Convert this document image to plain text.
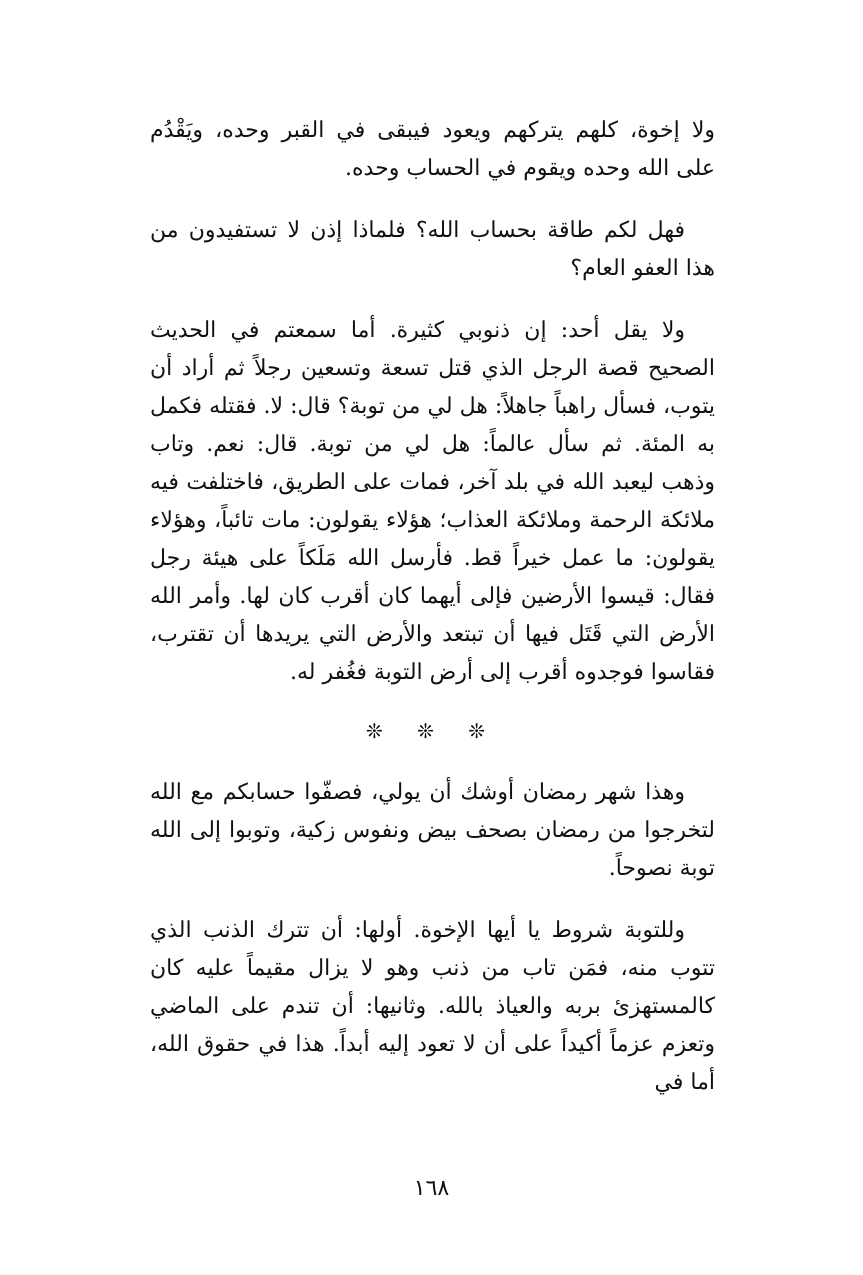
ولا إخوة، كلهم يتركهم ويعود فيبقى في القبر وحده، ويَقْدُم على الله وحده ويقوم في الحساب وحده.

فهل لكم طاقة بحساب الله؟ فلماذا إذن لا تستفيدون من هذا العفو العام؟

ولا يقل أحد: إن ذنوبي كثيرة. أما سمعتم في الحديث الصحيح قصة الرجل الذي قتل تسعة وتسعين رجلاً ثم أراد أن يتوب، فسأل راهباً جاهلاً: هل لي من توبة؟ قال: لا. فقتله فكمل به المئة. ثم سأل عالماً: هل لي من توبة. قال: نعم. وتاب وذهب ليعبد الله في بلد آخر، فمات على الطريق، فاختلفت فيه ملائكة الرحمة وملائكة العذاب؛ هؤلاء يقولون: مات تائباً، وهؤلاء يقولون: ما عمل خيراً قط. فأرسل الله مَلَكاً على هيئة رجل فقال: قيسوا الأرضين فإلى أيهما كان أقرب كان لها. وأمر الله الأرض التي قَتَل فيها أن تبتعد والأرض التي يريدها أن تقترب، فقاسوا فوجدوه أقرب إلى أرض التوبة فغُفر له.

❊ ❊ ❊

وهذا شهر رمضان أوشك أن يولي، فصفّوا حسابكم مع الله لتخرجوا من رمضان بصحف بيض ونفوس زكية، وتوبوا إلى الله توبة نصوحاً.

وللتوبة شروط يا أيها الإخوة. أولها: أن تترك الذنب الذي تتوب منه، فمَن تاب من ذنب وهو لا يزال مقيماً عليه كان كالمستهزئ بربه والعياذ بالله. وثانيها: أن تندم على الماضي وتعزم عزماً أكيداً على أن لا تعود إليه أبداً. هذا في حقوق الله، أما في

١٦٨
